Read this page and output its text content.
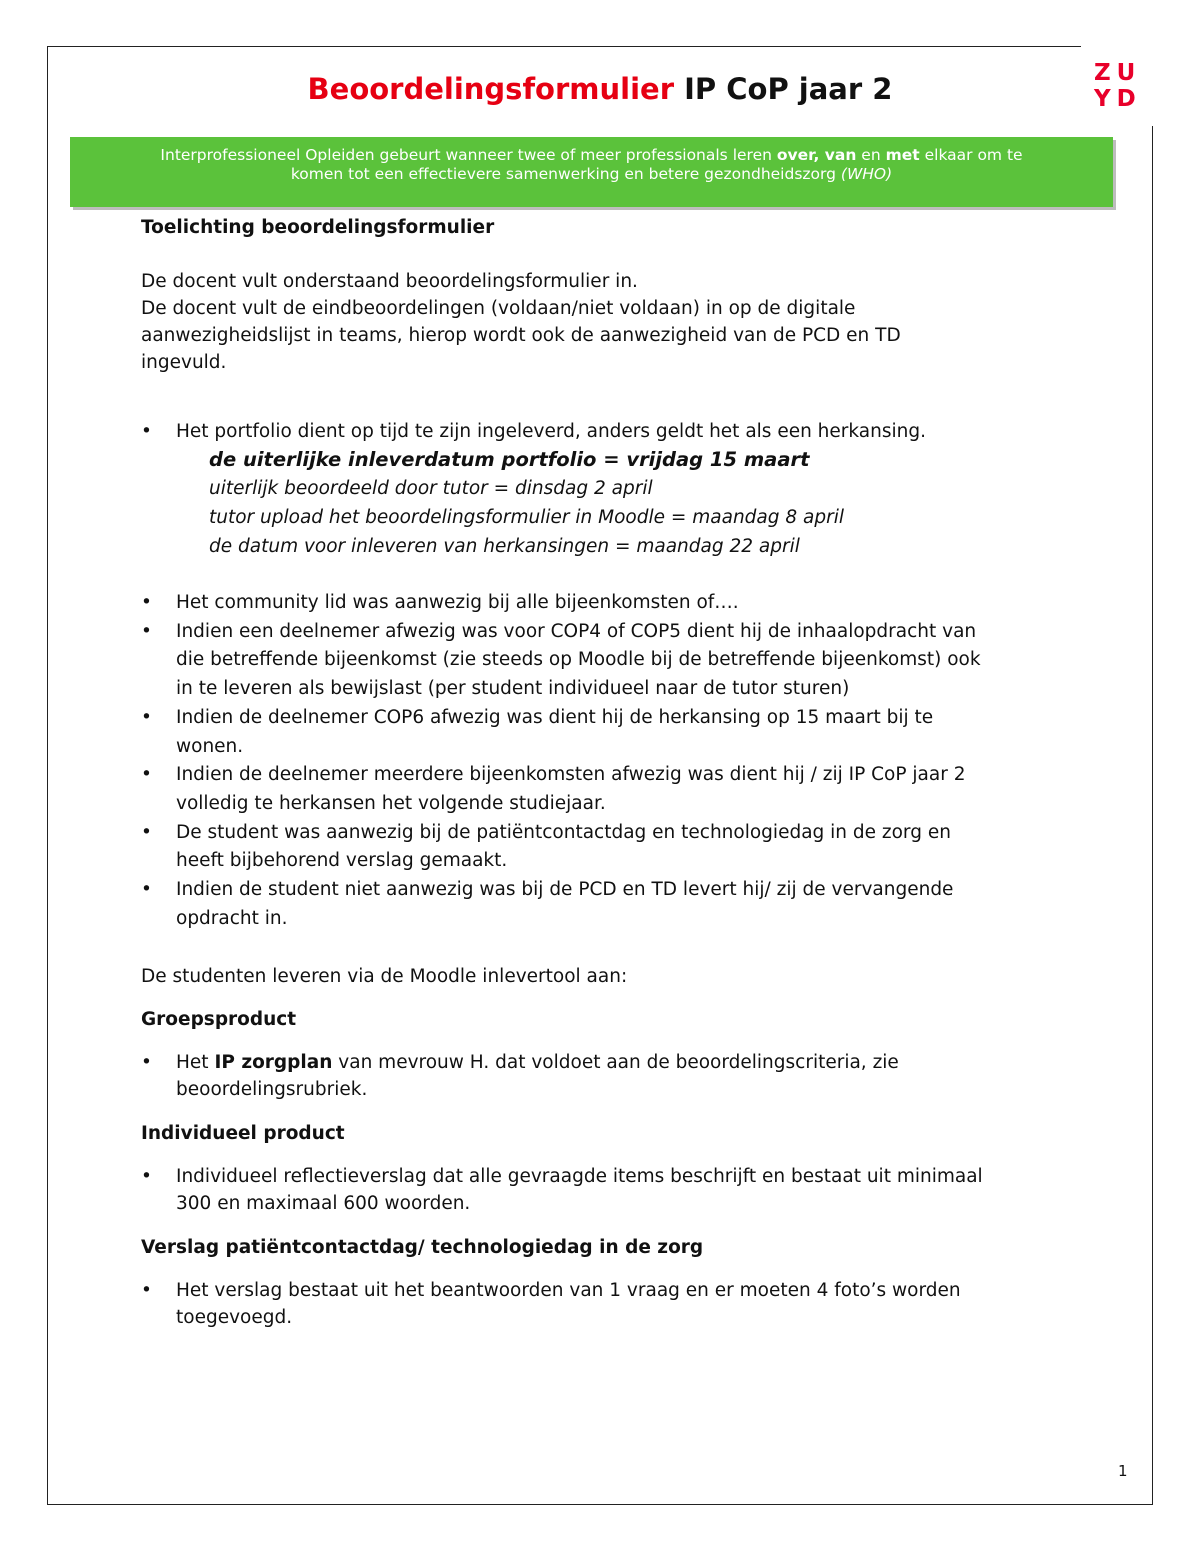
ZU
YD
Beoordelingsformulier IP CoP jaar 2
Interprofessioneel Opleiden gebeurt wanneer twee of meer professionals leren over, van en met elkaar om te
komen tot een effectievere samenwerking en betere gezondheidszorg (WHO)

Toelichting beoordelingsformulier

De docent vult onderstaand beoordelingsformulier in.

De docent vult de eindbeoordelingen (voldaan/niet voldaan) in op de digitale

aanwezigheidslijst in teams, hierop wordt ook de aanwezigheid van de PCD en TD

ingevuld.

• Het portfolio dient op tijd te zijn ingeleverd, anders geldt het als een herkansing.

de uiterlijke inleverdatum portfolio = vrijdag 15 maart

uiterlijk beoordeeld door tutor = dinsdag 2 april

tutor upload het beoordelingsformulier in Moodle = maandag 8 april

de datum voor inleveren van herkansingen = maandag 22 april

• Het community lid was aanwezig bij alle bijeenkomsten of….
• Indien een deelnemer afwezig was voor COP4 of COP5 dient hij de inhaalopdracht van
die betreffende bijeenkomst (zie steeds op Moodle bij de betreffende bijeenkomst) ook
in te leveren als bewijslast (per student individueel naar de tutor sturen)
• Indien de deelnemer COP6 afwezig was dient hij de herkansing op 15 maart bij te
wonen.
• Indien de deelnemer meerdere bijeenkomsten afwezig was dient hij / zij IP CoP jaar 2
volledig te herkansen het volgende studiejaar.
• De student was aanwezig bij de patiëntcontactdag en technologiedag in de zorg en
heeft bijbehorend verslag gemaakt.
• Indien de student niet aanwezig was bij de PCD en TD levert hij/ zij de vervangende
opdracht in.

De studenten leveren via de Moodle inlevertool aan:

Groepsproduct

• Het IP zorgplan van mevrouw H. dat voldoet aan de beoordelingscriteria, zie
beoordelingsrubriek.

Individueel product

• Individueel reflectieverslag dat alle gevraagde items beschrijft en bestaat uit minimaal
300 en maximaal 600 woorden.

Verslag patiëntcontactdag/ technologiedag in de zorg

• Het verslag bestaat uit het beantwoorden van 1 vraag en er moeten 4 foto’s worden
toegevoegd.
1
